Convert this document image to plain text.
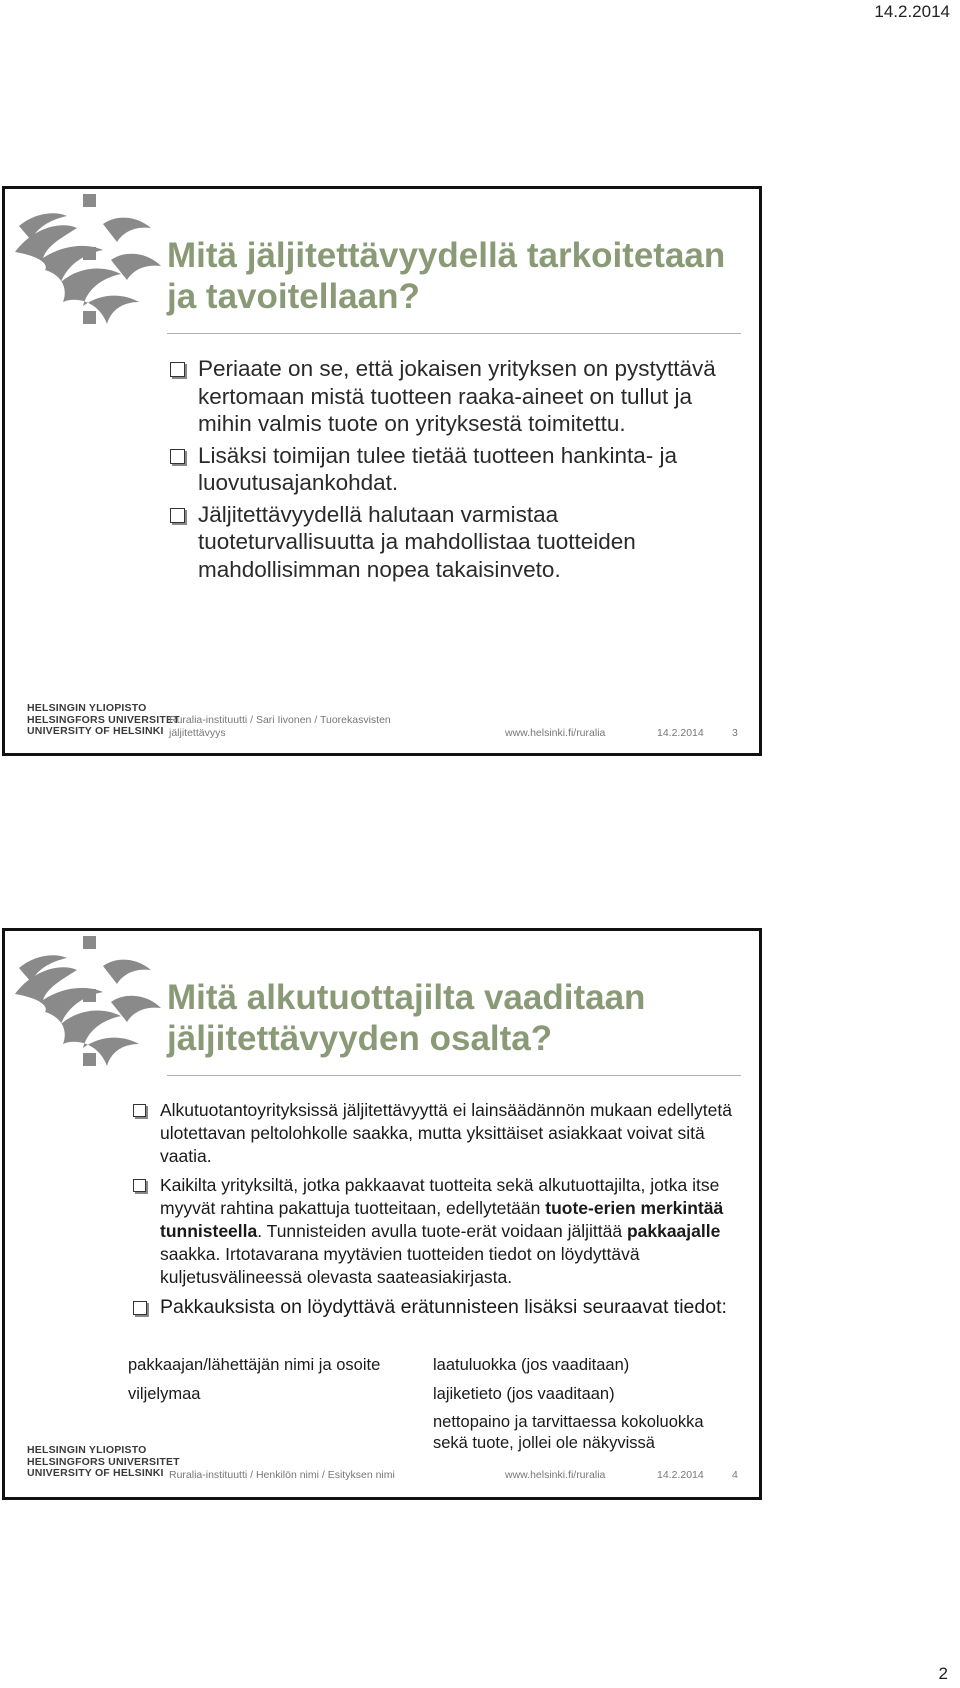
14.2.2014
Mitä jäljitettävyydellä tarkoitetaan ja tavoitellaan?
Periaate on se, että jokaisen yrityksen on pystyttävä kertomaan mistä tuotteen raaka-aineet on tullut ja mihin valmis tuote on yrityksestä toimitettu.
Lisäksi toimijan tulee tietää tuotteen hankinta- ja luovutusajankohdat.
Jäljitettävyydellä halutaan varmistaa tuoteturvallisuutta ja mahdollistaa tuotteiden mahdollisimman nopea takaisinveto.
HELSINGIN YLIOPISTO
HELSINGFORS UNIVERSITET
UNIVERSITY OF HELSINKI
Ruralia-instituutti / Sari Iivonen / Tuorekasvisten jäljitettävyys	www.helsinki.fi/ruralia	14.2.2014	3
Mitä alkutuottajilta vaaditaan jäljitettävyyden osalta?
Alkutuotantoyrityksissä jäljitettävyyttä ei lainsäädännön mukaan edellytetä ulotettavan peltolohkolle saakka, mutta yksittäiset asiakkaat voivat sitä vaatia.
Kaikilta yrityksiltä, jotka pakkaavat tuotteita sekä alkutuottajilta, jotka itse myyvät rahtina pakattuja tuotteitaan, edellytetään tuote-erien merkintää tunnisteella. Tunnisteiden avulla tuote-erät voidaan jäljittää pakkaajalle saakka. Irtotavarana myytävien tuotteiden tiedot on löydyttävä kuljetusvälineessä olevasta saateasiakirjasta.
Pakkauksista on löydyttävä erätunnisteen lisäksi seuraavat tiedot:
pakkaajan/lähettäjän nimi ja osoite
viljelymaa
laatuluokka (jos vaaditaan)
lajiketieto (jos vaaditaan)
nettopaino ja tarvittaessa kokoluokka sekä tuote, jollei ole näkyvissä
HELSINGIN YLIOPISTO
HELSINGFORS UNIVERSITET
UNIVERSITY OF HELSINKI Ruralia-instituutti / Henkilön nimi / Esityksen nimi	www.helsinki.fi/ruralia	14.2.2014	4
2
